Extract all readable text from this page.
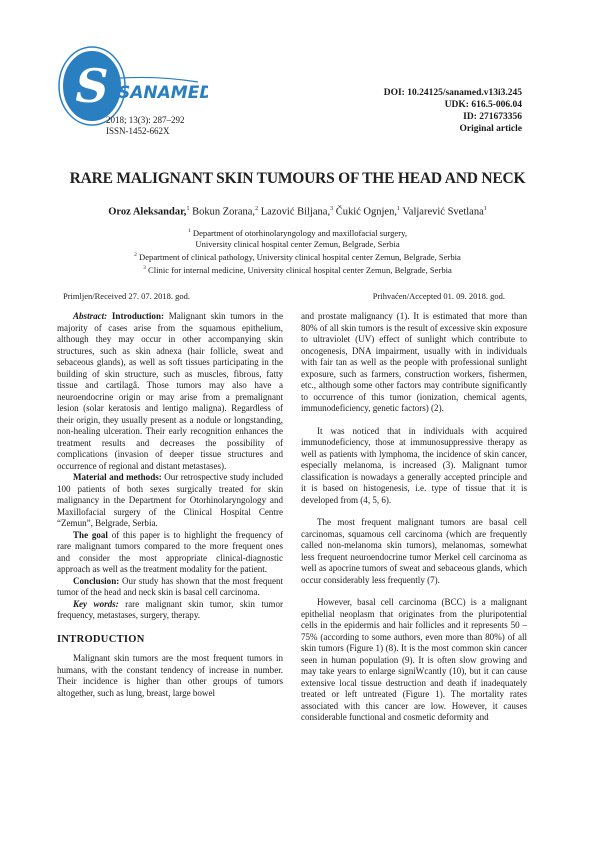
S SANAMED
2018; 13(3): 287–292
ISSN-1452-662X
DOI: 10.24125/sanamed.v13i3.245
UDK: 616.5-006.04
ID: 271673356
Original article
RARE MALIGNANT SKIN TUMOURS OF THE HEAD AND NECK
Oroz Aleksandar,$^1$ Bokun Zorana,$^2$ Lazović Biljana,$^3$ Čukić Ognjen,$^1$ Valjarević Svetlana$^1$
$^1$ Department of otorhinolaryngology and maxillofacial surgery,
University clinical hospital center Zemun, Belgrade, Serbia
$^2$ Department of clinical pathology, University clinical hospital center Zemun, Belgrade, Serbia
$^3$ Clinic for internal medicine, University clinical hospital center Zemun, Belgrade, Serbia
Primljen/Received 27. 07. 2018. god.	Prihvaćen/Accepted 01. 09. 2018. god.

Abstract: Introduction: Malignant skin tumors in the majority of cases arise from the squamous epithelium, although they may occur in other accompanying skin structures, such as skin adnexa (hair follicle, sweat and sebaceous glands), as well as soft tissues participating in the building of skin structure, such as muscles, fibrous, fatty tissue and cartilagâ. Those tumors may also have a neuroendocrine origin or may arise from a premalignant lesion (solar keratosis and lentigo maligna). Regardless of their origin, they usually present as a nodule or longstanding, non-healing ulceration. Their early recognition enhances the treatment results and decreases the possibility of complications (invasion of deeper tissue structures and occurrence of regional and distant metastases).

Material and methods: Our retrospective study included 100 patients of both sexes surgically treated for skin malignancy in the Department for Otorhinolaryngology and Maxillofacial surgery of the Clinical Hospital Centre “Zemun”, Belgrade, Serbia.

The goal of this paper is to highlight the frequency of rare malignant tumors compared to the more frequent ones and consider the most appropriate clinical-diagnostic approach as well as the treatment modality for the patient.

Conclusion: Our study has shown that the most frequent tumor of the head and neck skin is basal cell carcinoma.

Key words: rare malignant skin tumor, skin tumor frequency, metastases, surgery, therapy.

INTRODUCTION

Malignant skin tumors are the most frequent tumors in humans, with the constant tendency of increase in number. Their incidence is higher than other groups of tumors altogether, such as lung, breast, large bowel

and prostate malignancy (1). It is estimated that more than 80% of all skin tumors is the result of excessive skin exposure to ultraviolet (UV) effect of sunlight which contribute to oncogenesis, DNA impairment, usually with in individuals with fair tan as well as the people with professional sunlight exposure, such as farmers, construction workers, fishermen, etc., although some other factors may contribute significantly to occurrence of this tumor (ionization, chemical agents, immunodeficiency, genetic factors) (2).

It was noticed that in individuals with acquired immunodeficiency, those at immunosuppressive therapy as well as patients with lymphoma, the incidence of skin cancer, especially melanoma, is increased (3). Malignant tumor classification is nowadays a generally accepted principle and it is based on histogenesis, i.e. type of tissue that it is developed from (4, 5, 6).

The most frequent malignant tumors are basal cell carcinomas, squamous cell carcinoma (which are frequently called non-melanoma skin tumors), melanomas, somewhat less frequent neuroendocrine tumor Merkel cell carcinoma as well as apocrine tumors of sweat and sebaceous glands, which occur considerably less frequently (7).

However, basal cell carcinoma (BCC) is a malignant epithelial neoplasm that originates from the pluripotential cells in the epidermis and hair follicles and it represents 50 –75% (according to some authors, even more than 80%) of all skin tumors (Figure 1) (8). It is the most common skin cancer seen in human population (9). It is often slow growing and may take years to enlarge signiWcantly (10), but it can cause extensive local tissue destruction and death if inadequately treated or left untreated (Figure 1). The mortality rates associated with this cancer are low. However, it causes considerable functional and cosmetic deformity and
